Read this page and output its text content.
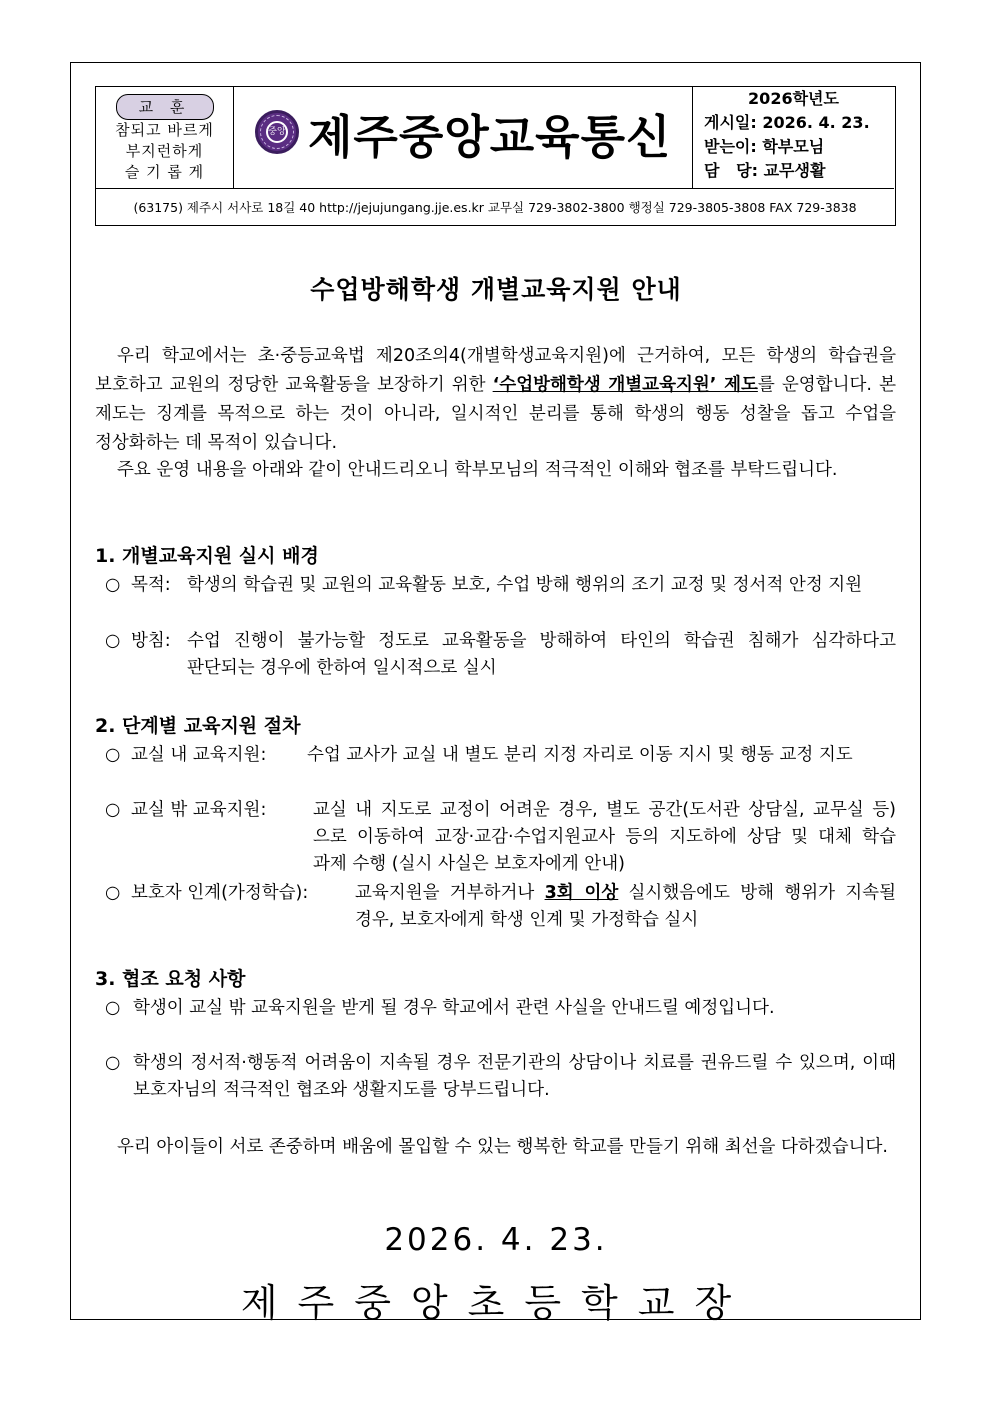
교 훈
참되고 바르게
부지런하게
슬 기 롭 게
중앙 제주중앙교육통신
2026학년도
게시일: 2026. 4. 23.
받는이: 학부모님
담   당: 교무생활
(63175) 제주시 서사로 18길 40 http://jejujungang.jje.es.kr 교무실 729-3802-3800 행정실 729-3805-3808 FAX 729-3838
수업방해학생 개별교육지원 안내
우리 학교에서는 초·중등교육법 제20조의4(개별학생교육지원)에 근거하여, 모든 학생의 학습권을 보호하고 교원의 정당한 교육활동을 보장하기 위한 ‘수업방해학생 개별교육지원’ 제도를 운영합니다. 본 제도는 징계를 목적으로 하는 것이 아니라, 일시적인 분리를 통해 학생의 행동 성찰을 돕고 수업을 정상화하는 데 목적이 있습니다.
주요 운영 내용을 아래와 같이 안내드리오니 학부모님의 적극적인 이해와 협조를 부탁드립니다.
1. 개별교육지원 실시 배경
○ 목적: 학생의 학습권 및 교원의 교육활동 보호, 수업 방해 행위의 조기 교정 및 정서적 안정 지원
○ 방침: 수업 진행이 불가능할 정도로 교육활동을 방해하여 타인의 학습권 침해가 심각하다고 판단되는 경우에 한하여 일시적으로 실시
2. 단계별 교육지원 절차
○ 교실 내 교육지원: 수업 교사가 교실 내 별도 분리 지정 자리로 이동 지시 및 행동 교정 지도
○ 교실 밖 교육지원:	교실 내 지도로 교정이 어려운 경우, 별도 공간(도서관 상담실, 교무실 등)으로 이동하여 교장·교감·수업지원교사 등의 지도하에 상담 및 대체 학습 과제 수행 (실시 사실은 보호자에게 안내)
○ 보호자 인계(가정학습):	교육지원을 거부하거나 3회 이상 실시했음에도 방해 행위가 지속될 경우, 보호자에게 학생 인계 및 가정학습 실시
3. 협조 요청 사항
○ 학생이 교실 밖 교육지원을 받게 될 경우 학교에서 관련 사실을 안내드릴 예정입니다.
○ 학생의 정서적·행동적 어려움이 지속될 경우 전문기관의 상담이나 치료를 권유드릴 수 있으며, 이때 보호자님의 적극적인 협조와 생활지도를 당부드립니다.
우리 아이들이 서로 존중하며 배움에 몰입할 수 있는 행복한 학교를 만들기 위해 최선을 다하겠습니다.
2026. 4. 23.
제주중앙초등학교장
